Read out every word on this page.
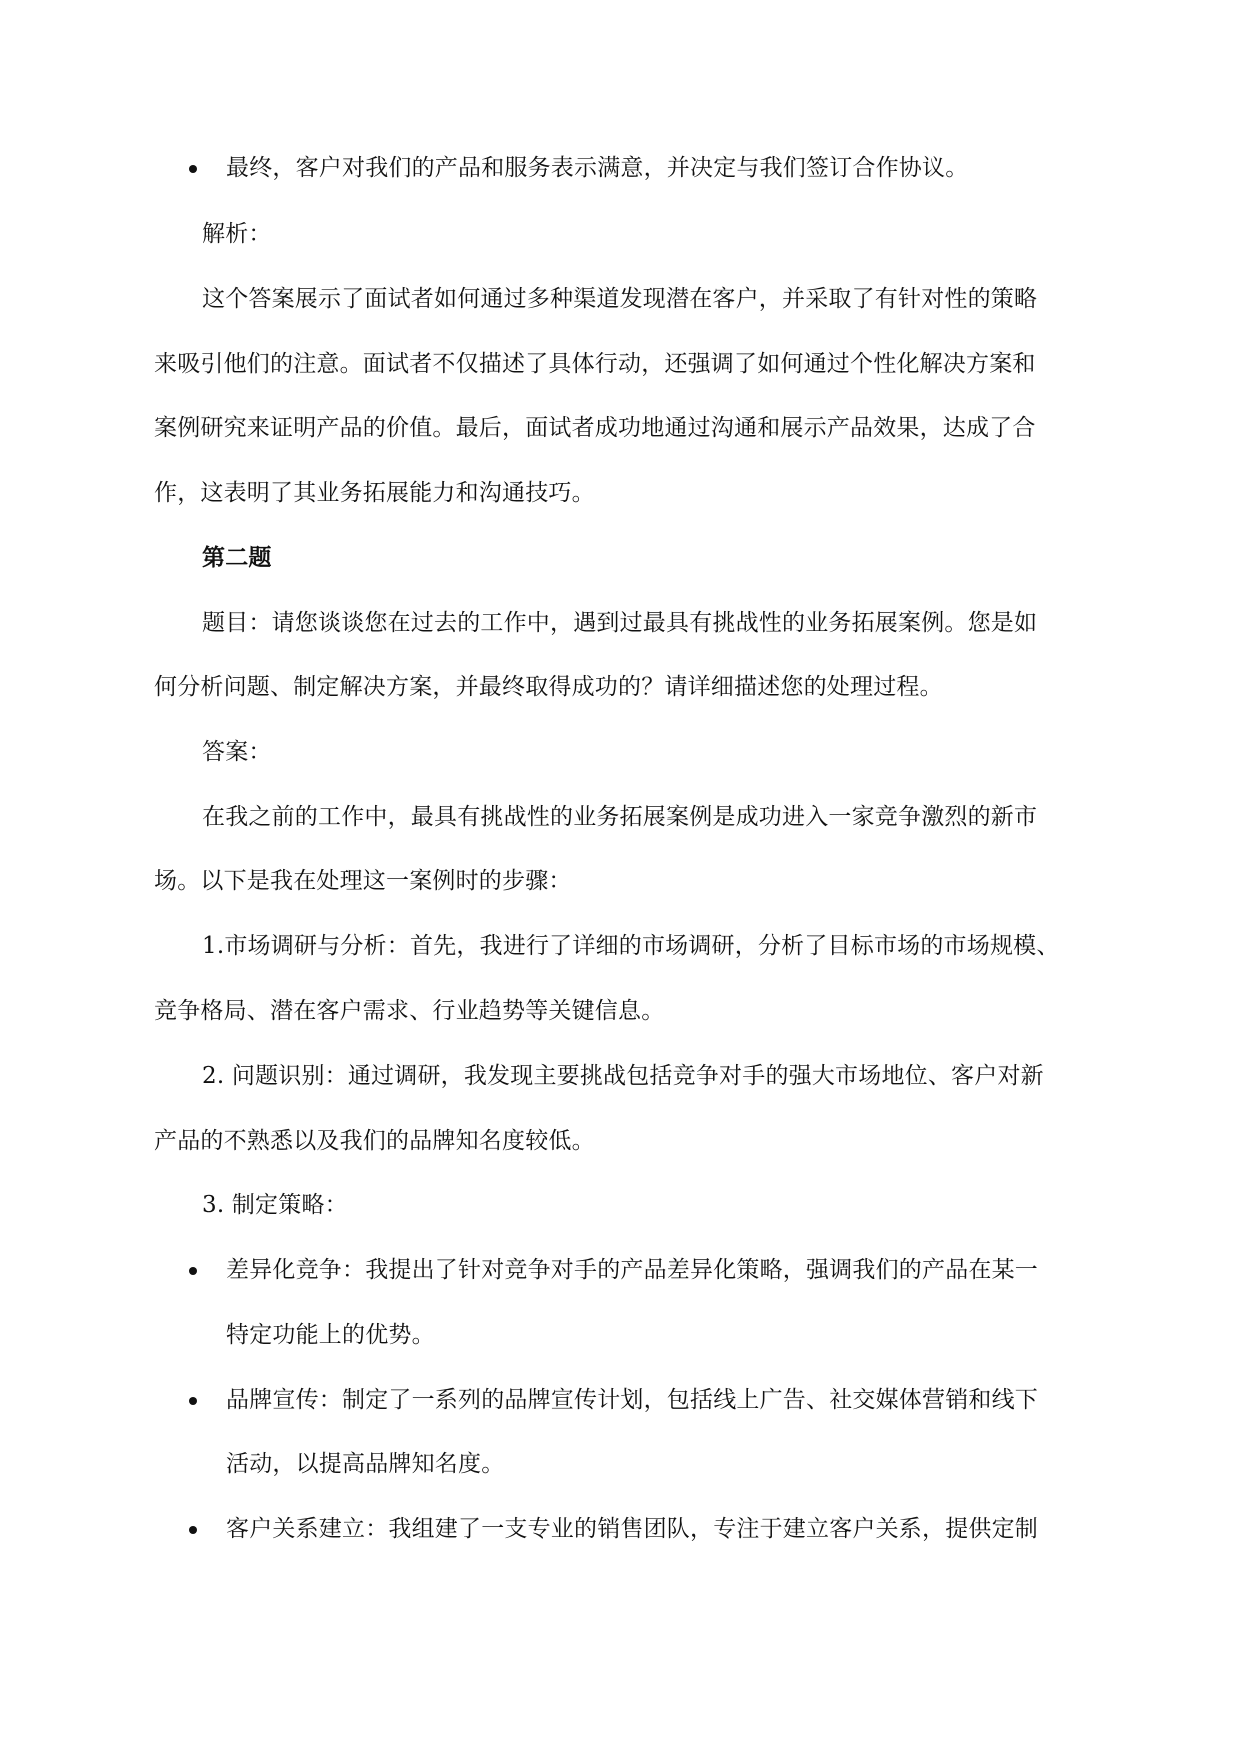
最终，客户对我们的产品和服务表示满意，并决定与我们签订合作协议。
解析：
这个答案展示了面试者如何通过多种渠道发现潜在客户，并采取了有针对性的策略
来吸引他们的注意。面试者不仅描述了具体行动，还强调了如何通过个性化解决方案和
案例研究来证明产品的价值。最后，面试者成功地通过沟通和展示产品效果，达成了合
作，这表明了其业务拓展能力和沟通技巧。
第二题
题目：请您谈谈您在过去的工作中，遇到过最具有挑战性的业务拓展案例。您是如
何分析问题、制定解决方案，并最终取得成功的？请详细描述您的处理过程。
答案：
在我之前的工作中，最具有挑战性的业务拓展案例是成功进入一家竞争激烈的新市
场。以下是我在处理这一案例时的步骤：
1.市场调研与分析：首先，我进行了详细的市场调研，分析了目标市场的市场规模、
竞争格局、潜在客户需求、行业趋势等关键信息。
2. 问题识别：通过调研，我发现主要挑战包括竞争对手的强大市场地位、客户对新
产品的不熟悉以及我们的品牌知名度较低。
3. 制定策略：
差异化竞争：我提出了针对竞争对手的产品差异化策略，强调我们的产品在某一
特定功能上的优势。
品牌宣传：制定了一系列的品牌宣传计划，包括线上广告、社交媒体营销和线下
活动，以提高品牌知名度。
客户关系建立：我组建了一支专业的销售团队，专注于建立客户关系，提供定制
